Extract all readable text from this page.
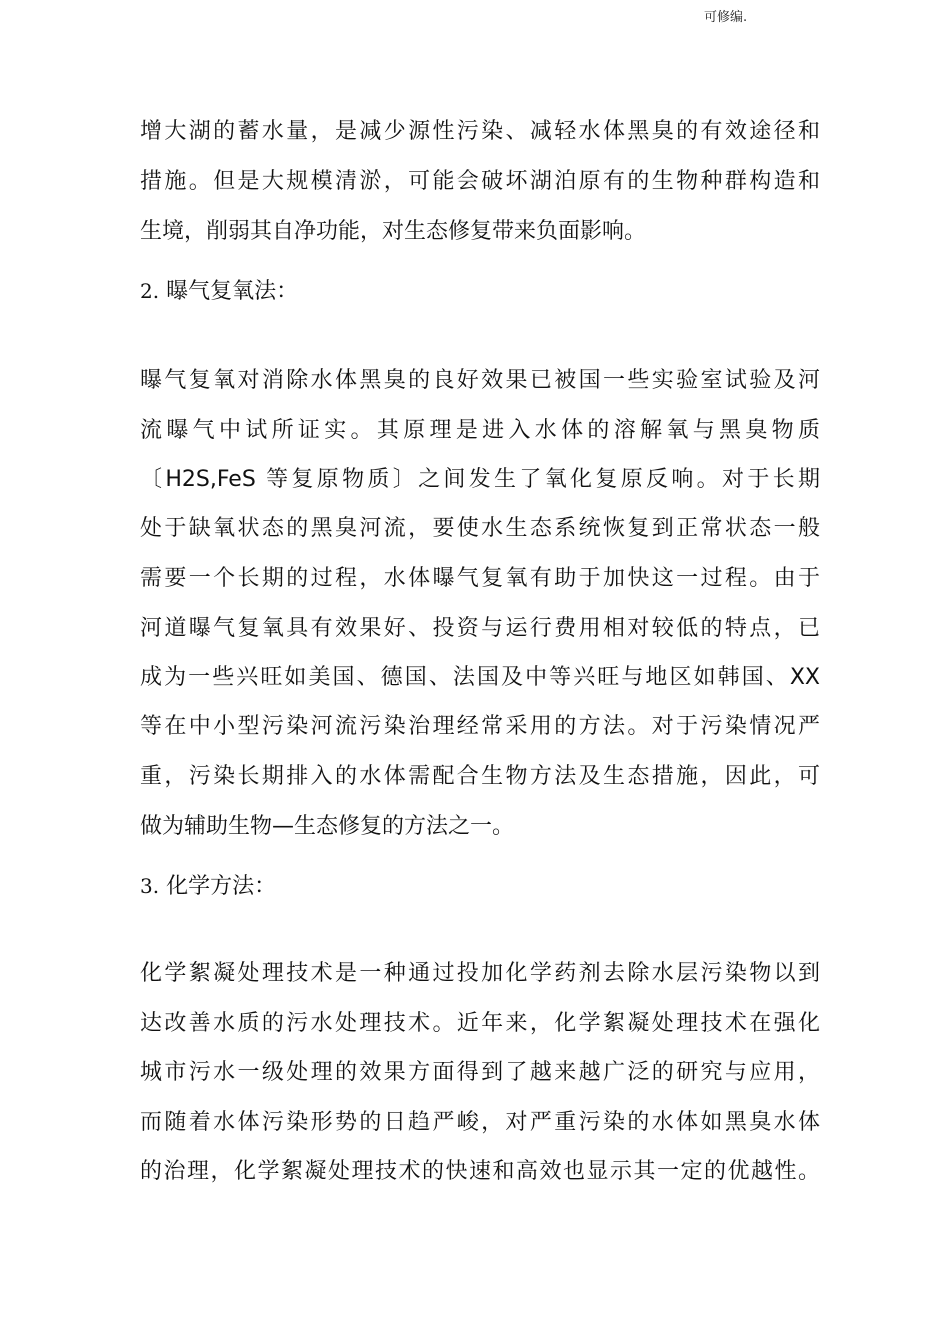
可修编.
增大湖的蓄水量，是减少源性污染、减轻水体黑臭的有效途径和
措施。但是大规模清淤，可能会破坏湖泊原有的生物种群构造和
生境，削弱其自净功能，对生态修复带来负面影响。
2. 曝气复氧法：
曝气复氧对消除水体黑臭的良好效果已被国一些实验室试验及河
流曝气中试所证实。其原理是进入水体的溶解氧与黑臭物质
〔H2S,FeS 等复原物质〕之间发生了氧化复原反响。对于长期
处于缺氧状态的黑臭河流，要使水生态系统恢复到正常状态一般
需要一个长期的过程，水体曝气复氧有助于加快这一过程。由于
河道曝气复氧具有效果好、投资与运行费用相对较低的特点，已
成为一些兴旺如美国、德国、法国及中等兴旺与地区如韩国、XX
等在中小型污染河流污染治理经常采用的方法。对于污染情况严
重，污染长期排入的水体需配合生物方法及生态措施，因此，可
做为辅助生物—生态修复的方法之一。
3. 化学方法：
化学絮凝处理技术是一种通过投加化学药剂去除水层污染物以到
达改善水质的污水处理技术。近年来，化学絮凝处理技术在强化
城市污水一级处理的效果方面得到了越来越广泛的研究与应用，
而随着水体污染形势的日趋严峻，对严重污染的水体如黑臭水体
的治理，化学絮凝处理技术的快速和高效也显示其一定的优越性。
